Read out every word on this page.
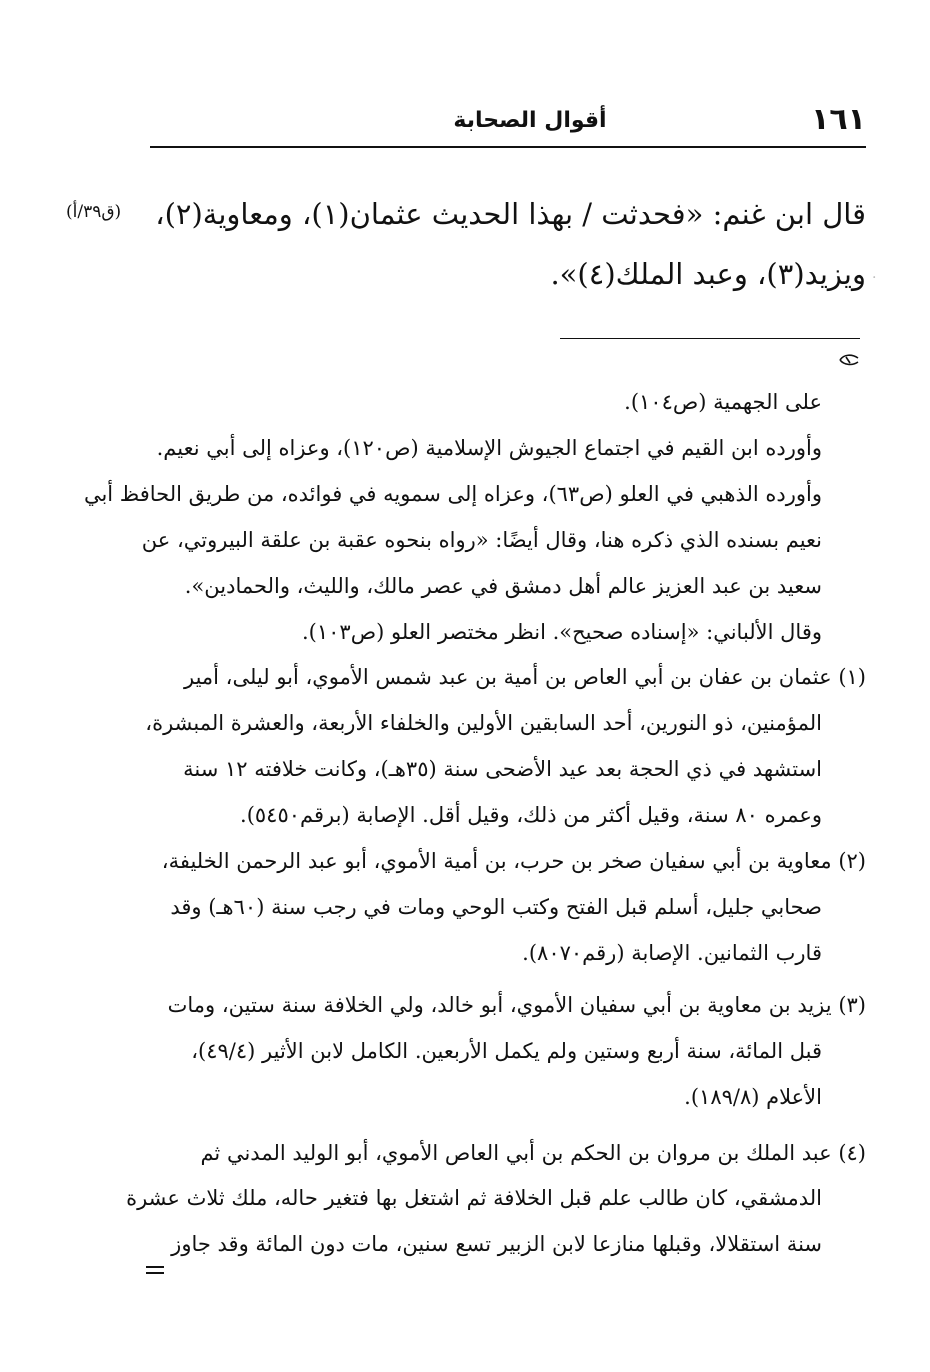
١٦١
أقوال الصحابة
قال ابن غنم: «فحدثت / بهذا الحديث عثمان(١)، ومعاوية(٢)،
ويزيد(٣)، وعبد الملك(٤)».
(ق٣٩/أ)
.
على الجهمية (ص١٠٤).
وأورده ابن القيم في اجتماع الجيوش الإسلامية (ص١٢٠)، وعزاه إلى أبي نعيم.
وأورده الذهبي في العلو (ص٦٣)، وعزاه إلى سمويه في فوائده، من طريق الحافظ أبي
نعيم بسنده الذي ذكره هنا، وقال أيضًا: «رواه بنحوه عقبة بن علقة البيروتي، عن
سعيد بن عبد العزيز عالم أهل دمشق في عصر مالك، والليث، والحمادين».
وقال الألباني: «إسناده صحيح». انظر مختصر العلو (ص١٠٣).
(١) عثمان بن عفان بن أبي العاص بن أمية بن عبد شمس الأموي، أبو ليلى، أمير
المؤمنين، ذو النورين، أحد السابقين الأولين والخلفاء الأربعة، والعشرة المبشرة،
استشهد في ذي الحجة بعد عيد الأضحى سنة (٣٥هـ)، وكانت خلافته ١٢ سنة
وعمره ٨٠ سنة، وقيل أكثر من ذلك، وقيل أقل. الإصابة (برقم٥٤٥٠).
(٢) معاوية بن أبي سفيان صخر بن حرب، بن أمية الأموي، أبو عبد الرحمن الخليفة،
صحابي جليل، أسلم قبل الفتح وكتب الوحي ومات في رجب سنة (٦٠هـ) وقد
قارب الثمانين. الإصابة (رقم٨٠٧٠).
(٣) يزيد بن معاوية بن أبي سفيان الأموي، أبو خالد، ولي الخلافة سنة ستين، ومات
قبل المائة، سنة أربع وستين ولم يكمل الأربعين. الكامل لابن الأثير (٤٩/٤)،
الأعلام (١٨٩/٨).
(٤) عبد الملك بن مروان بن الحكم بن أبي العاص الأموي، أبو الوليد المدني ثم
الدمشقي، كان طالب علم قبل الخلافة ثم اشتغل بها فتغير حاله، ملك ثلاث عشرة
سنة استقلالا، وقبلها منازعا لابن الزبير تسع سنين، مات دون المائة وقد جاوز
